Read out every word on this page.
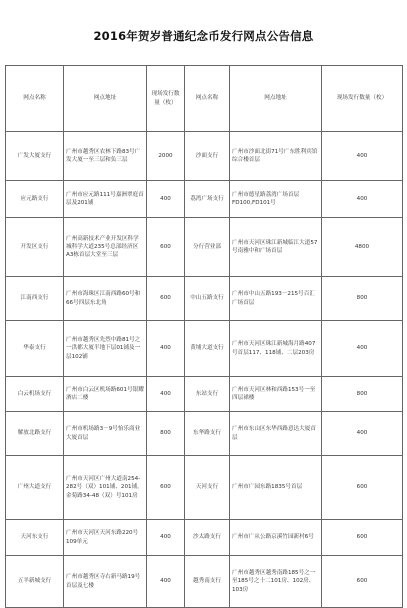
2016年贺岁普通纪念币发行网点公告信息
网点名称	网点地址	现场发行数量（枚）	网点名称	网点地址	现场发行数量（枚）
广发大厦支行	广州市越秀区农林下路83号广发大厦一至三层和负三层	2000	沙面支行	广州市沙面北街71号广东胜利宾馆综合楼首层	400
应元路支行	广州市应元路111号嘉洲翠庭首层及201铺	400	荔湾广场支行	广州市德星路荔湾广场首层FD100,FD101号	400
开发区支行	广州高新技术产业开发区科学城科学大道235号总部经济区A3栋首层大堂至三层	600	分行营业部	广州市天河区珠江新城临江大道57号南雅中和广场首层	4800
江南西支行	广州市海珠区江南西路60号和66号四层东北角	600	中山五路支行	广州市中山五路193－215号百汇广场首层	800
华泰支行	广州市越秀区先烈中路81号之一洪都大厦半地下层01铺及一层102铺	400	黄埔大道支行	广州市天河区珠江新城海月路407号首层117、118铺、二层203房	400
白云机场支行	广州市白云区机场路601号银耀酒店二楼	400	东站支行	广州市天河区林和西路153号一至四层裙楼	800
解放北路支行	广州市机场路3－9号怡乐商业大厦首层	800	东华路支行	广州市东山区东华西路意达大厦首层	400
广州大道支行	广州市天河区广州大道南254-282号（双）101铺、201铺，金菊路34-48（双）号101房	600	天河支行	广州市广园东路1835号首层	600
天河东支行	广州市天河区天河东路220号109单元	400	沙太路支行	广州市广从公路京溪竹园新村6号	600
五羊新城支行	广州市越秀区寺右新马路19号首层及七楼	400	越秀南支行	广州市越秀区越秀南路185号之一至185号之十二101房、102房、103房	600
